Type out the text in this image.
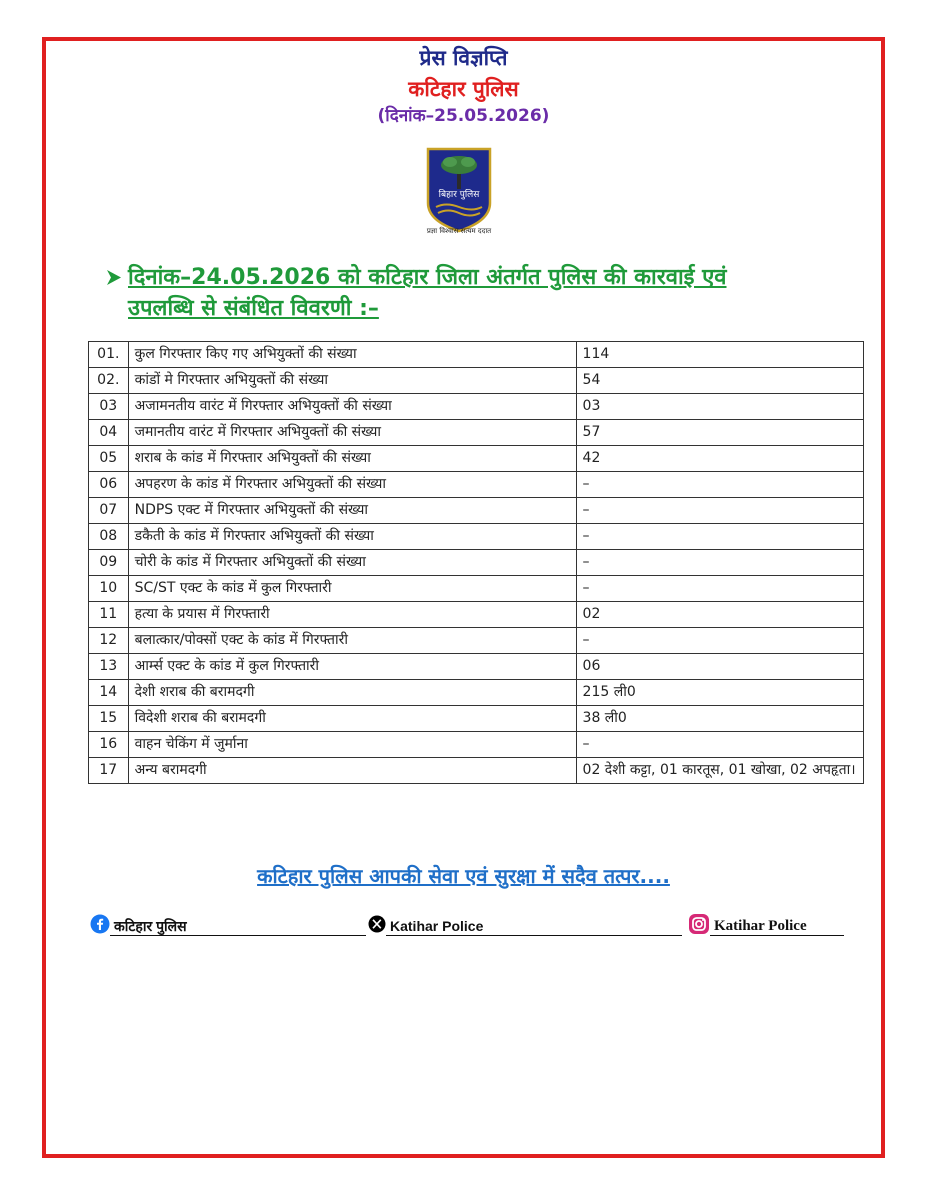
प्रेस विज्ञप्ति
कटिहार पुलिस
(दिनांक–25.05.2026)
बिहार पुलिस
प्रज्ञा विश्वास सत्यम ददात
दिनांक–24.05.2026 को कटिहार जिला अंतर्गत पुलिस की कारवाई एवं
उपलब्धि से संबंधित विवरणी :–
01.	कुल गिरफ्तार किए गए अभियुक्तों की संख्या	114
02.	कांडों मे गिरफ्तार अभियुक्तों की संख्या	54
03	अजामनतीय वारंट में गिरफ्तार अभियुक्तों की संख्या	03
04	जमानतीय वारंट में गिरफ्तार अभियुक्तों की संख्या	57
05	शराब के कांड में गिरफ्तार अभियुक्तों की संख्या	42
06	अपहरण के कांड में गिरफ्तार अभियुक्तों की संख्या	–
07	NDPS एक्ट में गिरफ्तार अभियुक्तों की संख्या	–
08	डकैती के कांड में गिरफ्तार अभियुक्तों की संख्या	–
09	चोरी के कांड में गिरफ्तार अभियुक्तों की संख्या	–
10	SC/ST एक्ट के कांड में कुल गिरफ्तारी	–
11	हत्या के प्रयास में गिरफ्तारी	02
12	बलात्कार/पोक्सों एक्ट के कांड में गिरफ्तारी	–
13	आर्म्स एक्ट के कांड में कुल गिरफ्तारी	06
14	देशी शराब की बरामदगी	215 ली0
15	विदेशी शराब की बरामदगी	38 ली0
16	वाहन चेकिंग में जुर्माना	–
17	अन्य बरामदगी	02 देशी कट्टा, 01 कारतूस, 01 खोखा, 02 अपहृता।
कटिहार पुलिस आपकी सेवा एवं सुरक्षा में सदैव तत्पर....
कटिहार पुलिस	Katihar Police	Katihar Police
